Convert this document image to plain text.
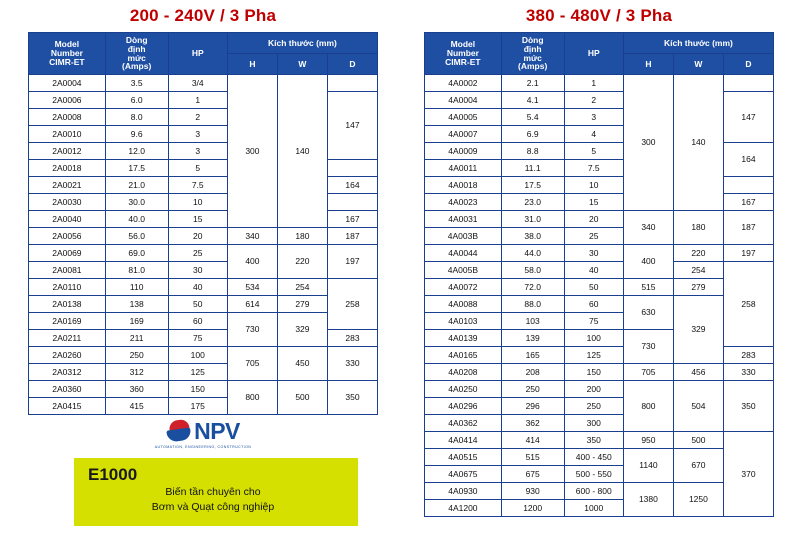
200 - 240V / 3 Pha
Model
Number
CIMR-ET

Dòng
định
mức
(Amps)
	HP	Kích thước (mm)
			H	W	D
2A0004	3.5	3/4	300	140	
2A0006	6.0	1			147
2A0008	8.0	2			
2A0010	9.6	3			
2A0012	12.0	3			
2A0018	17.5	5			
2A0021	21.0	7.5			164
2A0030	30.0	10			
2A0040	40.0	15			167
2A0056	56.0	20	340	180	187
2A0069	69.0	25	400	220	197
2A0081	81.0	30			
2A0110	110	40	534	254	258
2A0138	138	50	614	279	
2A0169	169	60	730	329	
2A0211	211	75			283
2A0260	250	100	705	450	330
2A0312	312	125			
2A0360	360	150	800	500	350
2A0415	415	175			
380 - 480V / 3 Pha
Model
Number
CIMR-ET

Dòng
định
mức
(Amps)
	HP	Kích thước (mm)
			H	W	D
4A0002	2.1	1	300	140	
4A0004	4.1	2			147
4A0005	5.4	3			
4A0007	6.9	4			
4A0009	8.8	5			164
4A0011	11.1	7.5			
4A0018	17.5	10			
4A0023	23.0	15			167
4A0031	31.0	20	340	180	187
4A003B	38.0	25			
4A0044	44.0	30	400	220	197
4A005B	58.0	40		254	258
4A0072	72.0	50	515	279	
4A0088	88.0	60	630	329	
4A0103	103	75			
4A0139	139	100	730		
4A0165	165	125			283
4A0208	208	150	705	456	330
4A0250	250	200	800	504	350
4A0296	296	250			
4A0362	362	300			
4A0414	414	350	950	500	370
4A0515	515	400 - 450	1140	670	
4A0675	675	500 - 550			
4A0930	930	600 - 800	1380	1250	
4A1200	1200	1000			
NPV
AUTOMATION, ENGINEERING, CONSTRUCTION
E1000
Biến tần chuyên cho
Bơm và Quạt công nghiệp
